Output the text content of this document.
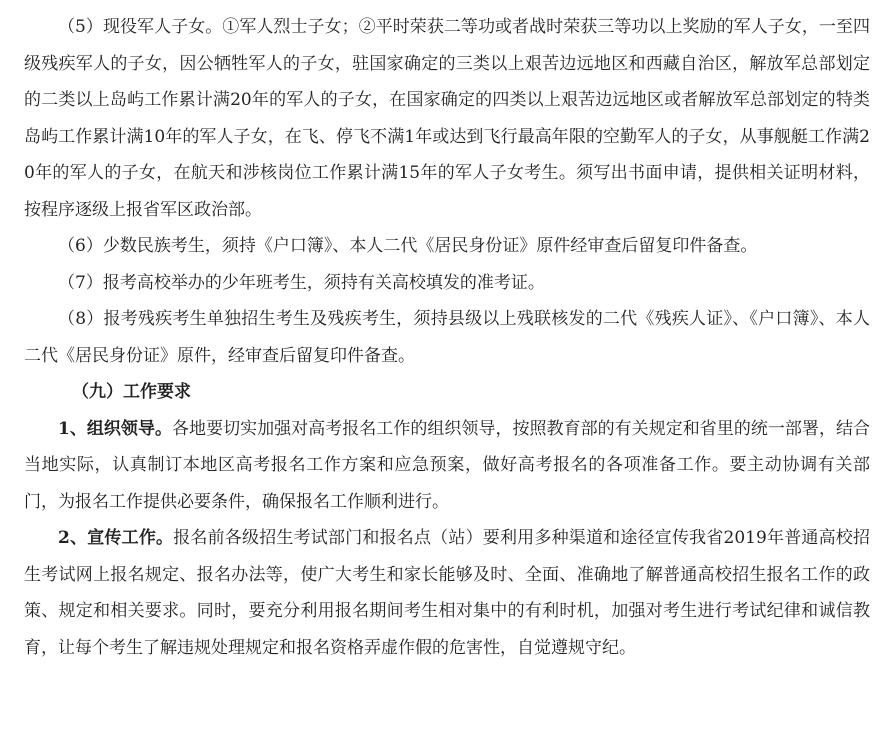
（5）现役军人子女。①军人烈士子女；②平时荣获二等功或者战时荣获三等功以上奖励的军人子女，一至四级残疾军人的子女，因公牺牲军人的子女，驻国家确定的三类以上艰苦边远地区和西藏自治区，解放军总部划定的二类以上岛屿工作累计满20年的军人的子女，在国家确定的四类以上艰苦边远地区或者解放军总部划定的特类岛屿工作累计满10年的军人子女，在飞、停飞不满1年或达到飞行最高年限的空勤军人的子女，从事舰艇工作满20年的军人的子女，在航天和涉核岗位工作累计满15年的军人子女考生。须写出书面申请，提供相关证明材料，按程序逐级上报省军区政治部。

（6）少数民族考生，须持《户口簿》、本人二代《居民身份证》原件经审查后留复印件备查。

（7）报考高校举办的少年班考生，须持有关高校填发的准考证。

（8）报考残疾考生单独招生考生及残疾考生，须持县级以上残联核发的二代《残疾人证》、《户口簿》、本人二代《居民身份证》原件，经审查后留复印件备查。

（九）工作要求

1、组织领导。各地要切实加强对高考报名工作的组织领导，按照教育部的有关规定和省里的统一部署，结合当地实际，认真制订本地区高考报名工作方案和应急预案，做好高考报名的各项准备工作。要主动协调有关部门，为报名工作提供必要条件，确保报名工作顺利进行。

2、宣传工作。报名前各级招生考试部门和报名点（站）要利用多种渠道和途径宣传我省2019年普通高校招生考试网上报名规定、报名办法等，使广大考生和家长能够及时、全面、准确地了解普通高校招生报名工作的政策、规定和相关要求。同时，要充分利用报名期间考生相对集中的有利时机，加强对考生进行考试纪律和诚信教育，让每个考生了解违规处理规定和报名资格弄虚作假的危害性，自觉遵规守纪。
